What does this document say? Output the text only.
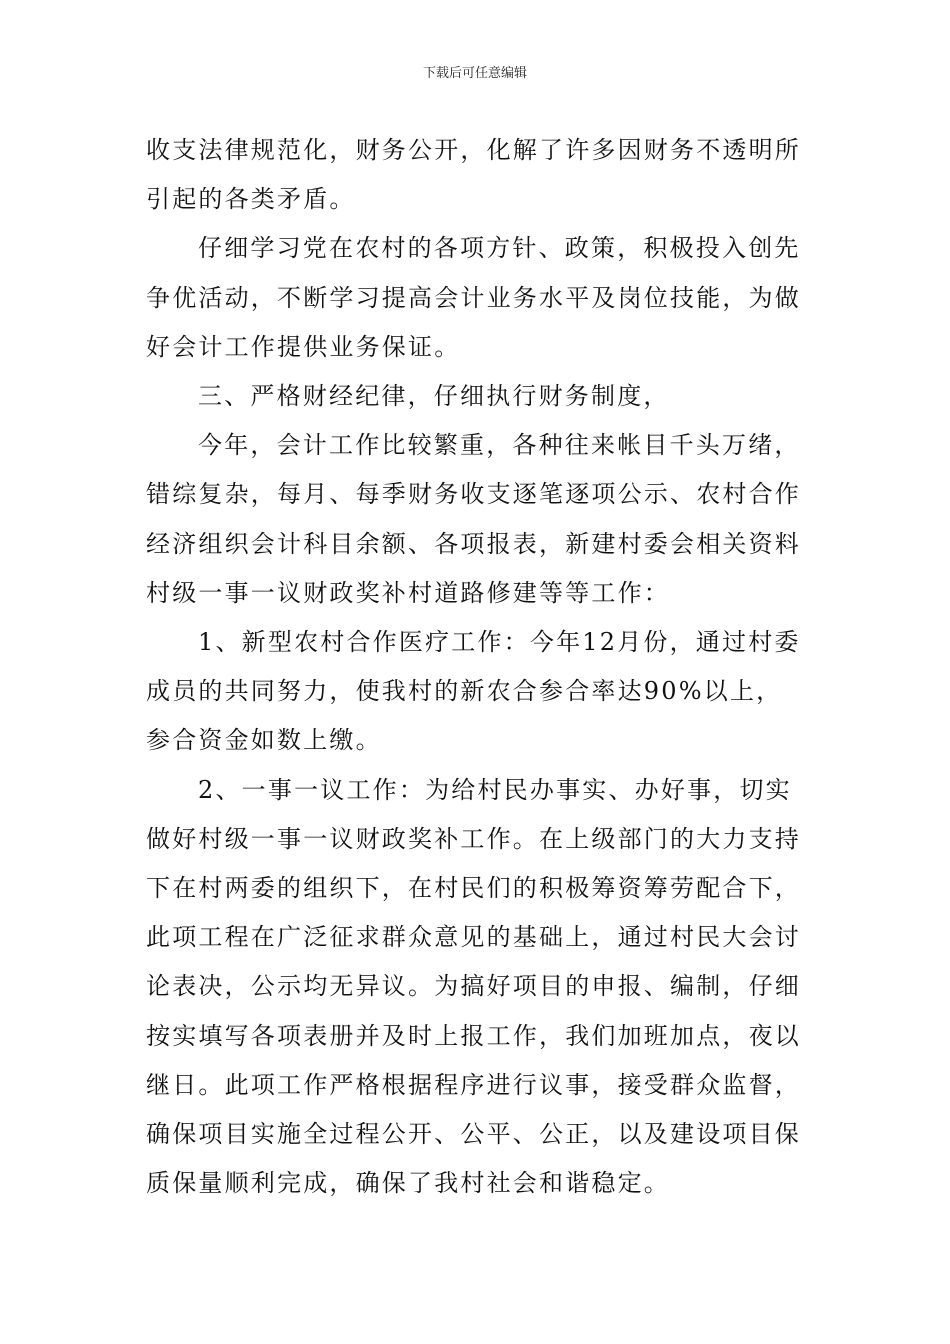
下载后可任意编辑

收支法律规范化，财务公开，化解了许多因财务不透明所引起的各类矛盾。

仔细学习党在农村的各项方针、政策，积极投入创先争优活动，不断学习提高会计业务水平及岗位技能，为做好会计工作提供业务保证。

三、严格财经纪律，仔细执行财务制度，

今年，会计工作比较繁重，各种往来帐目千头万绪，错综复杂，每月、每季财务收支逐笔逐项公示、农村合作经济组织会计科目余额、各项报表，新建村委会相关资料村级一事一议财政奖补村道路修建等等工作：

1、新型农村合作医疗工作：今年12月份，通过村委成员的共同努力，使我村的新农合参合率达90%以上，参合资金如数上缴。

2、一事一议工作：为给村民办事实、办好事，切实做好村级一事一议财政奖补工作。在上级部门的大力支持下在村两委的组织下，在村民们的积极筹资筹劳配合下，此项工程在广泛征求群众意见的基础上，通过村民大会讨论表决，公示均无异议。为搞好项目的申报、编制，仔细按实填写各项表册并及时上报工作，我们加班加点，夜以继日。此项工作严格根据程序进行议事，接受群众监督，确保项目实施全过程公开、公平、公正，以及建设项目保质保量顺利完成，确保了我村社会和谐稳定。
